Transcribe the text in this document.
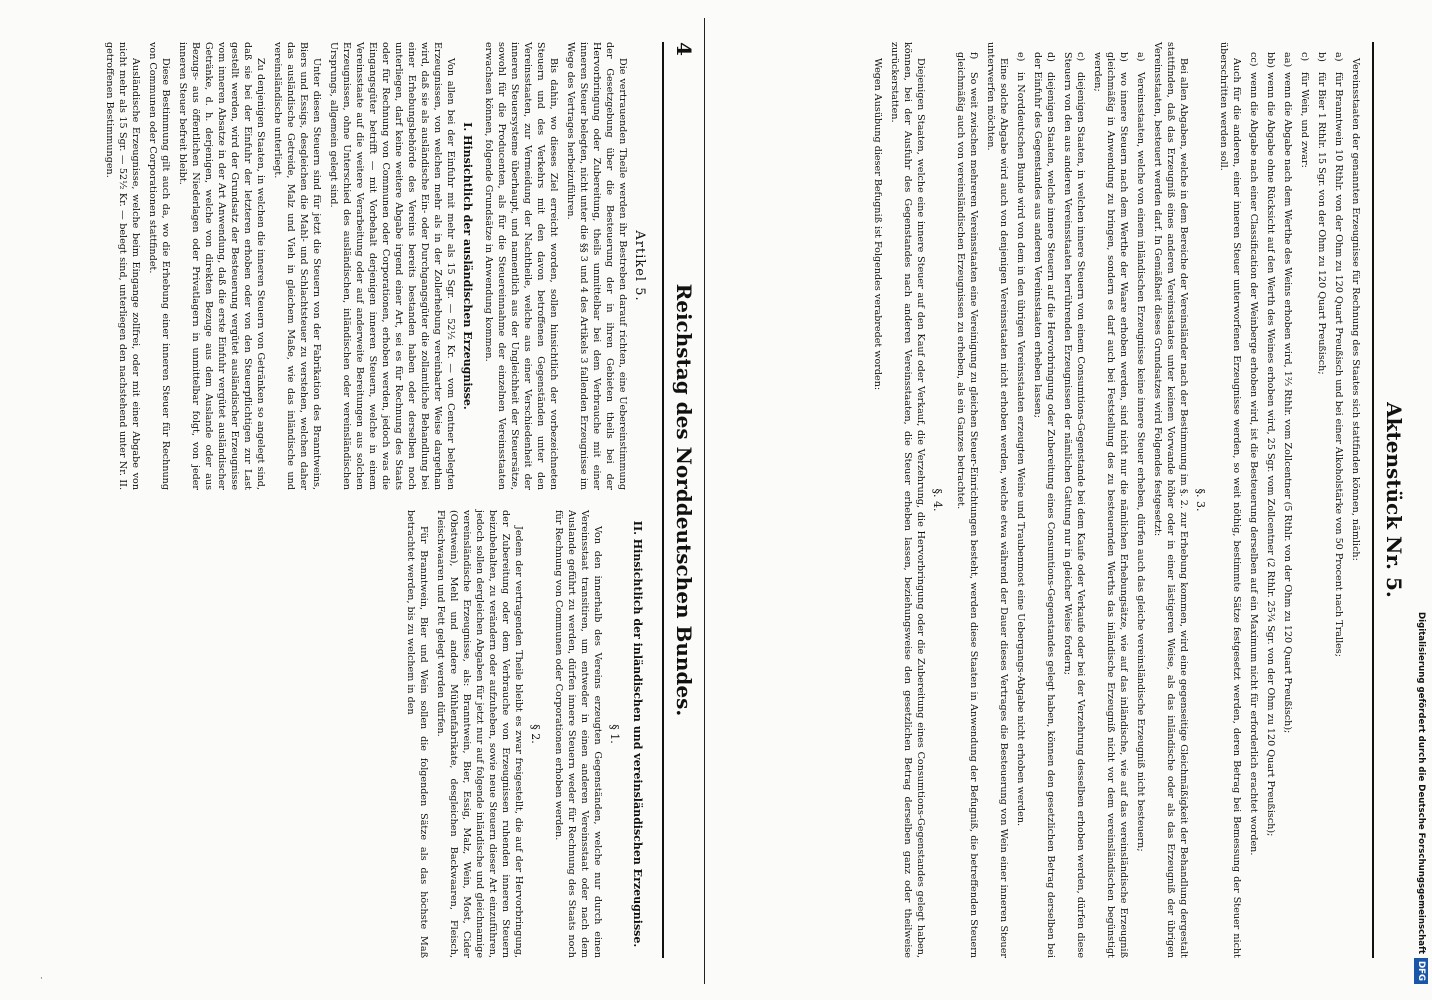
4
Reichstag des Norddeutschen Bundes.
Artikel 5.

Die vertrauenden Theile werden ihr Bestreben darauf richten, eine Uebereinstimmung der Gesetzgebung über die Besteuerung der in ihren Gebieten theils bei der Hervorbringung oder Zubereitung, theils unmittelbar bei dem Verbrauche mit einer inneren Steuer belegten, nicht unter die §§ 3 und 4 des Artikels 3 fallenden Erzeugnisse im Wege des Vertrages herbeizuführen.

Bis dahin, wo dieses Ziel erreicht worden, sollen hinsichtlich der vorbezeichneten Steuern und des Verkehrs mit den davon betroffenen Gegenständen unter den Vereinsstaaten, zur Vermeidung der Nachtheile, welche aus einer Verschiedenheit der inneren Steuersysteme überhaupt, und namentlich aus der Ungleichheit der Steuersätze, sowohl für die Producenten, als für die Steuereinnahme der einzelnen Vereinsstaaten erwachsen können, folgende Grundsätze in Anwendung kommen.

I. Hinsichtlich der ausländischen Erzeugnisse.

Von allen bei der Einfuhr mit mehr als 15 Sgr. — 52½ Kr. — vom Centner belegten Erzeugnissen, von welchen mehr als in der Zollerhebung vereinbarter Weise dargethan wird, daß sie als ausländische Ein- oder Durchgangsgüter die zollamtliche Behandlung bei einer Erhebungsbehörde des Vereins bereits bestanden haben oder derselben noch unterliegen, darf keine weitere Abgabe irgend einer Art, sei es für Rechnung des Staats oder für Rechnung von Communen oder Corporationen, erhoben werden, jedoch was die Eingangsgüter betrifft — mit Vorbehalt derjenigen inneren Steuern, welche in einem Vereinsstaate auf die weitere Verarbeitung oder auf anderweite Bereitungen aus solchen Erzeugnissen, ohne Unterschied des ausländischen, inländischen oder vereinsländischen Ursprungs, allgemein gelegt sind.

Unter diesen Steuern sind für jetzt die Steuern von der Fabrikation des Branntweins, Biers und Essigs, desgleichen die Mahl- und Schlachtsteuer zu verstehen, welchen daher das ausländische Getreide, Malz und Vieh in gleichem Maße, wie das inländische und vereinsländische unterliegt.

Zu denjenigen Staaten, in welchen die inneren Steuern von Getränken so angelegt sind, daß sie bei der Einfuhr der letzteren erhoben oder von den Steuerpflichtigen zur Last gestellt werden, wird der Grundsatz der Besteuerung vergütet ausländischer Erzeugnisse vom inneren Absatze in der Art Anwendung, daß die erste Einfuhr vergütet ausländischer Getränke, d. h. derjenigen, welche von direkten Bezuge aus dem Auslande oder aus Bezugs- aus öffentlichen Niederlagen oder Privatlagern in unmittelbar folgt, von jeder inneren Steuer befreit bleibt.

Diese Bestimmung gilt auch da, wo die Erhebung einer inneren Steuer für Rechnung von Communen oder Corporationen stattfindet.

Ausländische Erzeugnisse, welche beim Eingange zollfrei, oder mit einer Abgabe von nicht mehr als 15 Sgr. — 52½ Kr. — belegt sind, unterliegen den nachstehend unter Nr. II. getroffenen Bestimmungen.

II. Hinsichtlich der inländischen und vereinsländischen Erzeugnisse.
§ 1.

Von den innerhalb des Vereins erzeugten Gegenständen, welche nur durch einen Vereinsstaat transitiren, um entweder in einen anderen Vereinsstaat oder nach dem Auslande geführt zu werden, dürfen innere Steuern weder für Rechnung des Staats noch für Rechnung von Communen oder Corporationen erhoben werden.

§ 2.

Jedem der vertragenden Theile bleibt es zwar freigestellt, die auf der Hervorbringung, der Zubereitung oder dem Verbrauche von Erzeugnissen ruhenden inneren Steuern beizubehalten, zu verändern oder aufzuheben, sowie neue Steuern dieser Art einzuführen, jedoch sollen dergleichen Abgaben für jetzt nur auf folgende inländische und gleichnamige vereinsländische Erzeugnisse, als: Branntwein, Bier, Essig, Malz, Wein, Most, Cider (Obstwein), Mehl und andere Mühlenfabrikate, desgleichen Backwaaren, Fleisch, Fleischwaaren und Fett gelegt werden dürfen.

Für Branntwein, Bier und Wein sollen die folgenden Sätze als das höchste Maß betrachtet werden, bis zu welchem in den

Aktenstück Nr. 5.

Vereinsstaaten der genannten Erzeugnisse für Rechnung des Staates sich stattfinden können, nämlich:

a)für Branntwein 10 Rthlr. von der Ohm zu 120 Quart Preußisch und bei einer Alkoholstärke von 50 Procent nach Tralles;

b)für Bier 1 Rthlr. 15 Sgr. von der Ohm zu 120 Quart Preußisch;

c)für Wein, und zwar:

aa)wenn die Abgabe nach dem Werthe des Weins erhoben wird, 1⅔ Rthlr. vom Zollcentner (5 Rthlr. von der Ohm zu 120 Quart Preußisch);

bb)wenn die Abgabe ohne Rücksicht auf den Werth des Weines erhoben wird, 25 Sgr. vom Zollcentner (2 Rthlr. 25¾ Sgr. von der Ohm zu 120 Quart Preußisch);

cc)wenn die Abgabe nach einer Classification der Weinberge erhoben wird, ist die Besteuerung derselben auf ein Maximum nicht für erforderlich erachtet worden.

Auch für die anderen, einer inneren Steuer unterworfenen Erzeugnisse werden, so weit nöthig, bestimmte Sätze festgesetzt werden, deren Betrag bei Bemessung der Steuer nicht überschritten werden soll.

§. 3.

Bei allen Abgaben, welche in dem Bereiche der Vereinsländer nach der Bestimmung im §. 2. zur Erhebung kommen, wird eine gegenseitige Gleichmäßigkeit der Behandlung dergestalt stattfinden, daß das Erzeugniß eines anderen Vereinsstaates unter keinem Vorwande höher oder in einer lästigeren Weise, als das inländische oder als das Erzeugniß der übrigen Vereinsstaaten, besteuert werden darf. In Gemäßheit dieses Grundsatzes wird Folgendes festgesetzt:

a)Vereinsstaaten, welche von einem inländischen Erzeugnisse keine innere Steuer erheben, dürfen auch das gleiche vereinsländische Erzeugniß nicht besteuern;

b)wo innere Steuern nach dem Werthe der Waare erhoben werden, sind nicht nur die nämlichen Erhebungsätze, wie auf das inländische, wie auf das vereinsländische Erzeugniß gleichmäßig in Anwendung zu bringen, sondern es darf auch bei Feststellung des zu besteuernden Werths das inländische Erzeugniß nicht vor dem vereinsländischen begünstigt werden;

c)diejenigen Staaten, in welchen innere Steuern von einem Consumtions-Gegenstande bei dem Kaufe oder Verkaufe oder bei der Verzehrung desselben erhoben werden, dürfen diese Steuern von den aus anderen Vereinsstaaten herrührenden Erzeugnissen der nämlichen Gattung nur in gleicher Weise fordern;

d)diejenigen Staaten, welche innere Steuern auf die Hervorbringung oder Zubereitung eines Consumtions-Gegenstandes gelegt haben, können den gesetzlichen Betrag derselben bei der Einfuhr des Gegenstandes aus anderen Vereinsstaaten erheben lassen;

e)in Norddeutschen Bunde wird von dem in den übrigen Vereinsstaaten erzeugten Weine und Traubenmost eine Uebergangs-Abgabe nicht erhoben werden.

Eine solche Abgabe wird auch von denjenigen Vereinsstaaten nicht erhoben werden, welche etwa während der Dauer dieses Vertrages die Besteuerung von Wein einer inneren Steuer unterwerfen möchten.

f)So weit zwischen mehreren Vereinsstaaten eine Vereinigung zu gleichen Steuer-Einrichtungen besteht, werden diese Staaten in Anwendung der Befugniß, die betreffenden Steuern gleichmäßig auch von vereinsländischen Erzeugnissen zu erheben, als ein Ganzes betrachtet.

§. 4.

Diejenigen Staaten, welche eine innere Steuer auf den Kauf oder Verkauf, die Verzehrung, die Hervorbringung oder die Zubereitung eines Consumtions-Gegenstandes gelegt haben, können, bei der Ausfuhr des Gegenstandes nach anderen Vereinsstaaten, die Steuer erheben lassen, beziehungsweise den gesetzlichen Betrag derselben ganz oder theilweise zurückerstatten.

Wegen Ausübung dieser Befugniß ist Folgendes verabredet worden:

Digitalisierung gefördert durch die Deutsche ForschungsgemeinschaftDFG
·
